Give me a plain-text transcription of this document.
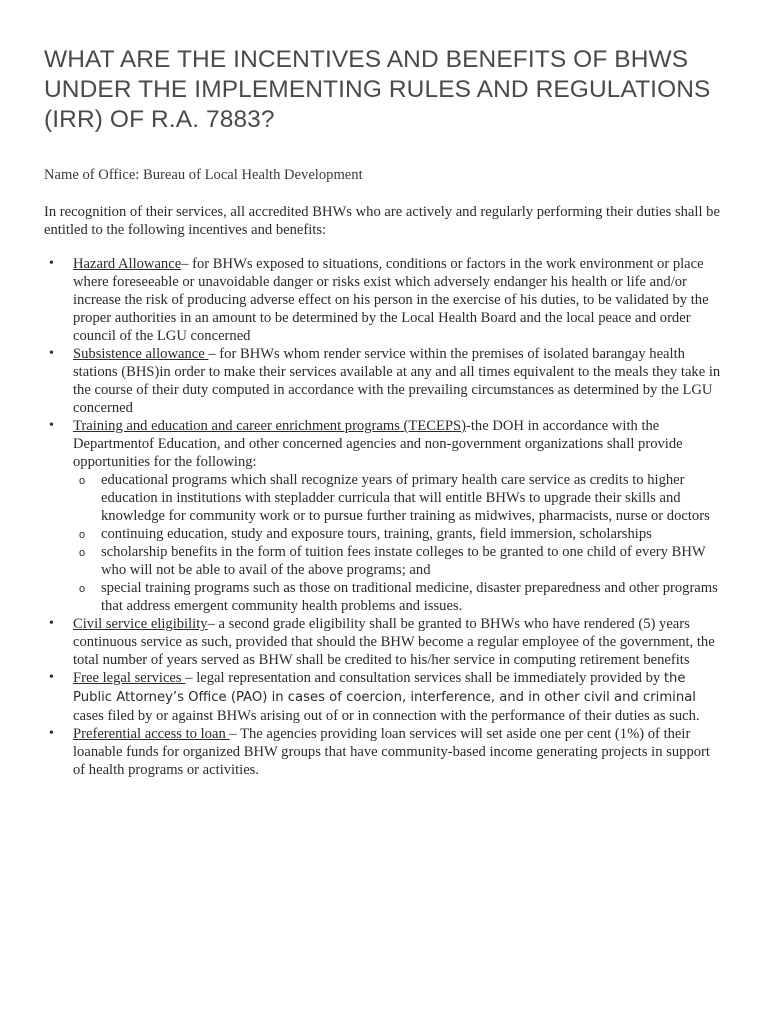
WHAT ARE THE INCENTIVES AND BENEFITS OF BHWS UNDER THE IMPLEMENTING RULES AND REGULATIONS (IRR) OF R.A. 7883?

Name of Office: Bureau of Local Health Development

In recognition of their services, all accredited BHWs who are actively and regularly performing their duties shall be entitled to the following incentives and benefits:

• Hazard Allowance– for BHWs exposed to situations, conditions or factors in the work environment or place where foreseeable or unavoidable danger or risks exist which adversely endanger his health or life and/or increase the risk of producing adverse effect on his person in the exercise of his duties, to be validated by the proper authorities in an amount to be determined by the Local Health Board and the local peace and order council of the LGU concerned
• Subsistence allowance – for BHWs whom render service within the premises of isolated barangay health stations (BHS)in order to make their services available at any and all times equivalent to the meals they take in the course of their duty computed in accordance with the prevailing circumstances as determined by the LGU concerned
• Training and education and career enrichment programs (TECEPS)-the DOH in accordance with the Departmentof Education, and other concerned agencies and non-government organizations shall provide opportunities for the following:
o educational programs which shall recognize years of primary health care service as credits to higher education in institutions with stepladder curricula that will entitle BHWs to upgrade their skills and knowledge for community work or to pursue further training as midwives, pharmacists, nurse or doctors
o continuing education, study and exposure tours, training, grants, field immersion, scholarships
o scholarship benefits in the form of tuition fees instate colleges to be granted to one child of every BHW who will not be able to avail of the above programs; and
o special training programs such as those on traditional medicine, disaster preparedness and other programs that address emergent community health problems and issues.
• Civil service eligibility– a second grade eligibility shall be granted to BHWs who have rendered (5) years continuous service as such, provided that should the BHW become a regular employee of the government, the total number of years served as BHW shall be credited to his/her service in computing retirement benefits
• Free legal services – legal representation and consultation services shall be immediately provided by the Public Attorney’s Office (PAO) in cases of coercion, interference, and in other civil and criminal cases filed by or against BHWs arising out of or in connection with the performance of their duties as such.
• Preferential access to loan – The agencies providing loan services will set aside one per cent (1%) of their loanable funds for organized BHW groups that have community-based income generating projects in support of health programs or activities.
